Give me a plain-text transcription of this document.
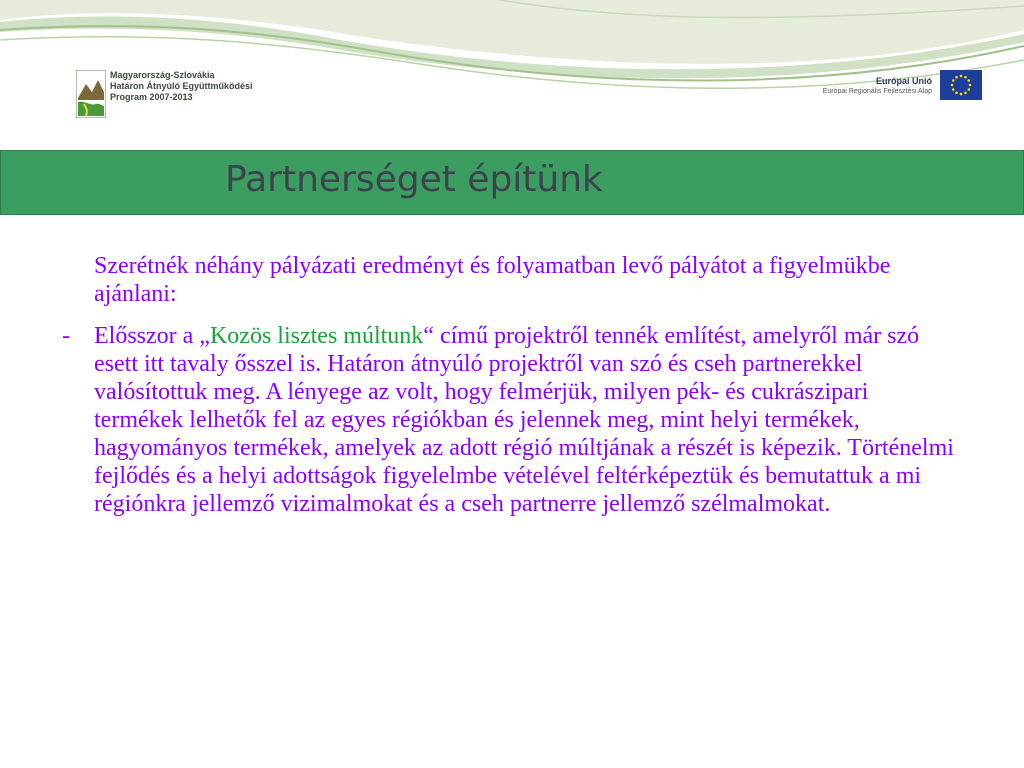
Magyarország-Szlovákia
Határon Átnyúló Együttműködési
Program 2007-2013
Európai Unió
Európai Regionális Fejlesztési Alap
Partnerséget építünk

Szerétnék néhány pályázati eredményt és folyamatban levő pályátot a figyelmükbe ajánlani:

- Elősszor a „Kozös lisztes múltunk“ című projektről tennék említést, amelyről már szó esett itt tavaly ősszel is. Határon átnyúló projektről van szó és cseh partnerekkel valósítottuk meg. A lényege az volt, hogy felmérjük, milyen pék- és cukrászipari termékek lelhetők fel az egyes régiókban és jelennek meg, mint helyi termékek, hagyományos termékek, amelyek az adott régió múltjának a részét is képezik. Történelmi fejlődés és a helyi adottságok figyelelmbe vételével feltérképeztük és bemutattuk a mi régiónkra jellemző vizimalmokat és a cseh partnerre jellemző szélmalmokat.
